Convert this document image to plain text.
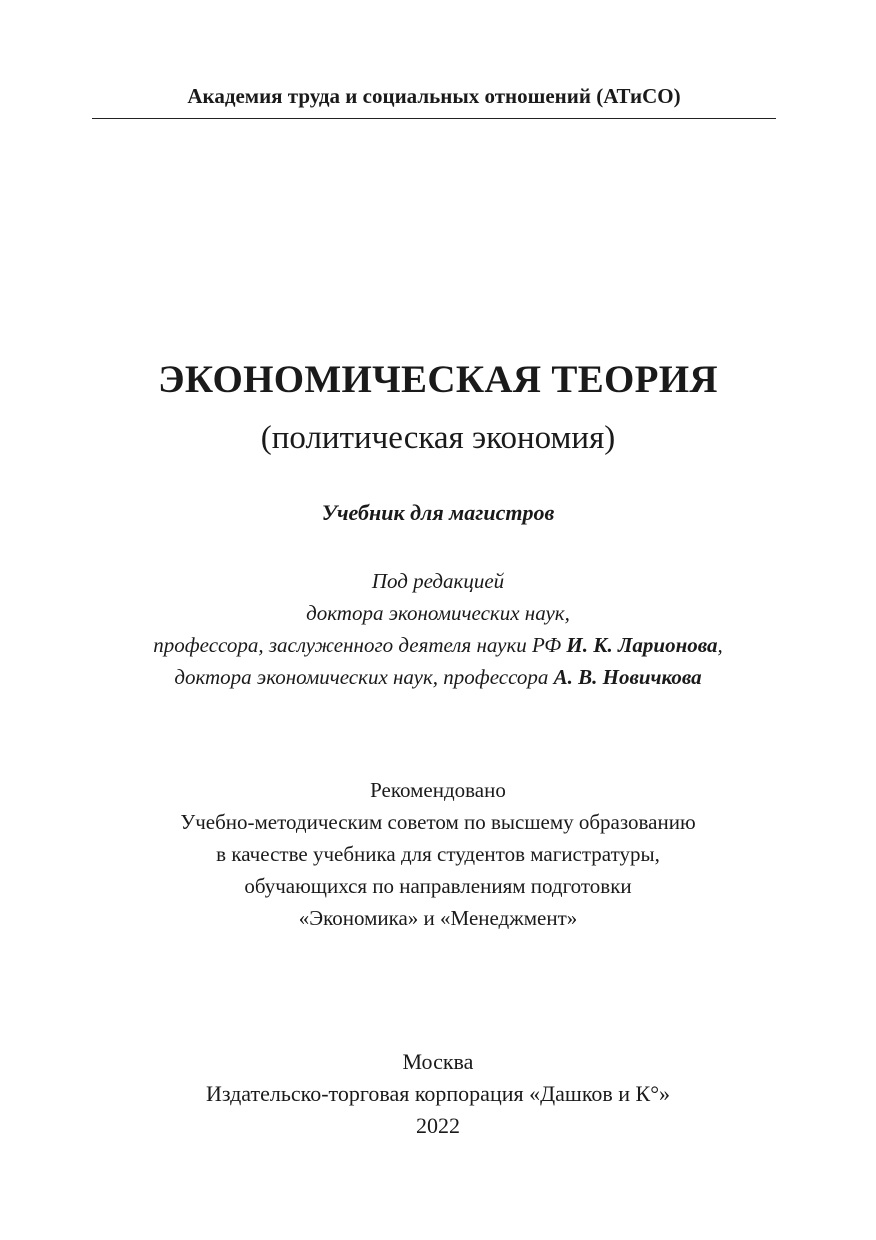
Академия труда и социальных отношений (АТиСО)
ЭКОНОМИЧЕСКАЯ ТЕОРИЯ
(политическая экономия)
Учебник для магистров
Под редакцией
доктора экономических наук,
профессора, заслуженного деятеля науки РФ И. К. Ларионова,
доктора экономических наук, профессора А. В. Новичкова
Рекомендовано
Учебно-методическим советом по высшему образованию
в качестве учебника для студентов магистратуры,
обучающихся по направлениям подготовки
«Экономика» и «Менеджмент»
Москва
Издательско-торговая корпорация «Дашков и К°»
2022
